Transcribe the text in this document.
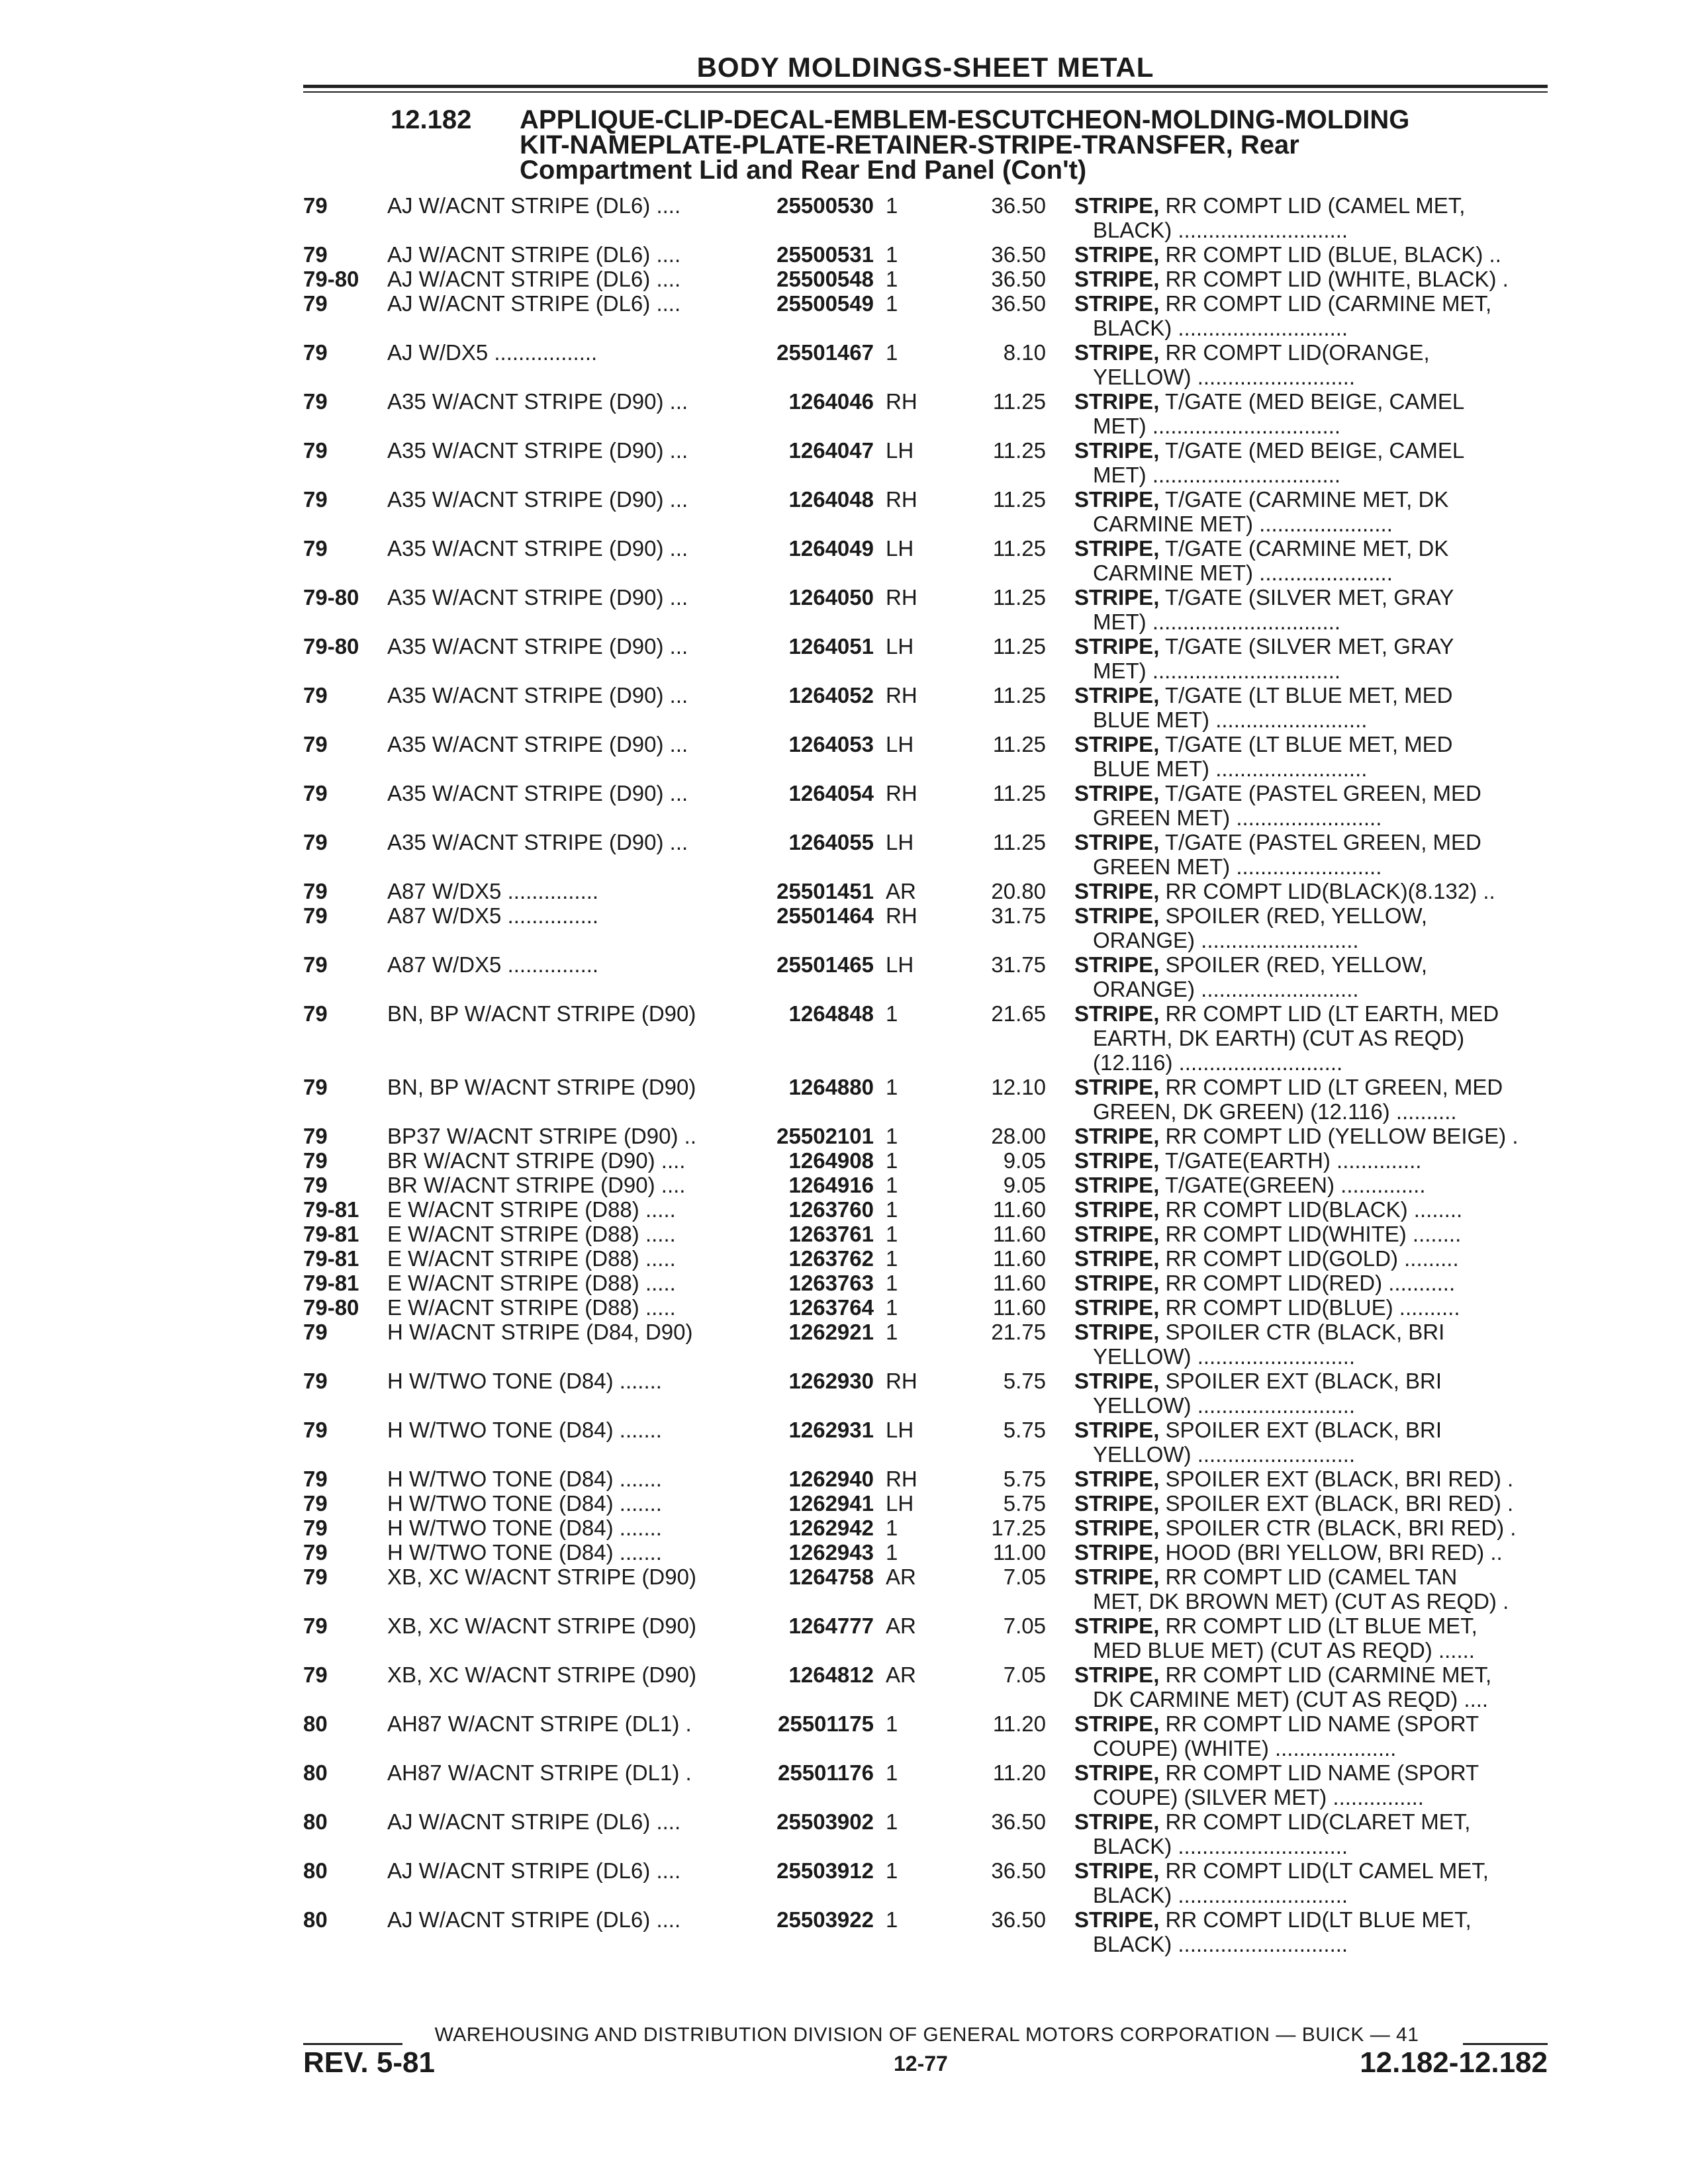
BODY MOLDINGS-SHEET METAL
12.182 APPLIQUE-CLIP-DECAL-EMBLEM-ESCUTCHEON-MOLDING-MOLDING
KIT-NAMEPLATE-PLATE-RETAINER-STRIPE-TRANSFER, Rear
Compartment Lid and Rear End Panel (Con't)
79	AJ W/ACNT STRIPE (DL6) ....	25500530 1	36.50 STRIPE, RR COMPT LID (CAMEL MET,
BLACK) ............................
79	AJ W/ACNT STRIPE (DL6) ....	25500531 1	36.50 STRIPE, RR COMPT LID (BLUE, BLACK) ..
79-80	AJ W/ACNT STRIPE (DL6) ....	25500548 1	36.50 STRIPE, RR COMPT LID (WHITE, BLACK) .
79	AJ W/ACNT STRIPE (DL6) ....	25500549 1	36.50 STRIPE, RR COMPT LID (CARMINE MET,
BLACK) ............................
79	AJ W/DX5 .................	25501467 1	8.10 STRIPE, RR COMPT LID(ORANGE,
YELLOW) ..........................
79	A35 W/ACNT STRIPE (D90) ...	1264046 RH	11.25 STRIPE, T/GATE (MED BEIGE, CAMEL
MET) ...............................
79	A35 W/ACNT STRIPE (D90) ...	1264047 LH	11.25 STRIPE, T/GATE (MED BEIGE, CAMEL
MET) ...............................
79	A35 W/ACNT STRIPE (D90) ...	1264048 RH	11.25 STRIPE, T/GATE (CARMINE MET, DK
CARMINE MET) ......................
79	A35 W/ACNT STRIPE (D90) ...	1264049 LH	11.25 STRIPE, T/GATE (CARMINE MET, DK
CARMINE MET) ......................
79-80	A35 W/ACNT STRIPE (D90) ...	1264050 RH	11.25 STRIPE, T/GATE (SILVER MET, GRAY
MET) ...............................
79-80	A35 W/ACNT STRIPE (D90) ...	1264051 LH	11.25 STRIPE, T/GATE (SILVER MET, GRAY
MET) ...............................
79	A35 W/ACNT STRIPE (D90) ...	1264052 RH	11.25 STRIPE, T/GATE (LT BLUE MET, MED
BLUE MET) .........................
79	A35 W/ACNT STRIPE (D90) ...	1264053 LH	11.25 STRIPE, T/GATE (LT BLUE MET, MED
BLUE MET) .........................
79	A35 W/ACNT STRIPE (D90) ...	1264054 RH	11.25 STRIPE, T/GATE (PASTEL GREEN, MED
GREEN MET) ........................
79	A35 W/ACNT STRIPE (D90) ...	1264055 LH	11.25 STRIPE, T/GATE (PASTEL GREEN, MED
GREEN MET) ........................
79	A87 W/DX5 ...............	25501451 AR	20.80 STRIPE, RR COMPT LID(BLACK)(8.132) ..
79	A87 W/DX5 ...............	25501464 RH	31.75 STRIPE, SPOILER (RED, YELLOW,
ORANGE) ..........................
79	A87 W/DX5 ...............	25501465 LH	31.75 STRIPE, SPOILER (RED, YELLOW,
ORANGE) ..........................
79	BN, BP W/ACNT STRIPE (D90)	1264848 1	21.65 STRIPE, RR COMPT LID (LT EARTH, MED
EARTH, DK EARTH) (CUT AS REQD)
(12.116) ...........................
79	BN, BP W/ACNT STRIPE (D90)	1264880 1	12.10 STRIPE, RR COMPT LID (LT GREEN, MED
GREEN, DK GREEN) (12.116) ..........
79	BP37 W/ACNT STRIPE (D90) ..	25502101 1	28.00 STRIPE, RR COMPT LID (YELLOW BEIGE) .
79	BR W/ACNT STRIPE (D90) ....	1264908 1	9.05 STRIPE, T/GATE(EARTH) ..............
79	BR W/ACNT STRIPE (D90) ....	1264916 1	9.05 STRIPE, T/GATE(GREEN) ..............
79-81	E W/ACNT STRIPE (D88) .....	1263760 1	11.60 STRIPE, RR COMPT LID(BLACK) ........
79-81	E W/ACNT STRIPE (D88) .....	1263761 1	11.60 STRIPE, RR COMPT LID(WHITE) ........
79-81	E W/ACNT STRIPE (D88) .....	1263762 1	11.60 STRIPE, RR COMPT LID(GOLD) .........
79-81	E W/ACNT STRIPE (D88) .....	1263763 1	11.60 STRIPE, RR COMPT LID(RED) ...........
79-80	E W/ACNT STRIPE (D88) .....	1263764 1	11.60 STRIPE, RR COMPT LID(BLUE) ..........
79	H W/ACNT STRIPE (D84, D90)	1262921 1	21.75 STRIPE, SPOILER CTR (BLACK, BRI
YELLOW) ..........................
79	H W/TWO TONE (D84) .......	1262930 RH	5.75 STRIPE, SPOILER EXT (BLACK, BRI
YELLOW) ..........................
79	H W/TWO TONE (D84) .......	1262931 LH	5.75 STRIPE, SPOILER EXT (BLACK, BRI
YELLOW) ..........................
79	H W/TWO TONE (D84) .......	1262940 RH	5.75 STRIPE, SPOILER EXT (BLACK, BRI RED) .
79	H W/TWO TONE (D84) .......	1262941 LH	5.75 STRIPE, SPOILER EXT (BLACK, BRI RED) .
79	H W/TWO TONE (D84) .......	1262942 1	17.25 STRIPE, SPOILER CTR (BLACK, BRI RED) .
79	H W/TWO TONE (D84) .......	1262943 1	11.00 STRIPE, HOOD (BRI YELLOW, BRI RED) ..
79	XB, XC W/ACNT STRIPE (D90)	1264758 AR	7.05 STRIPE, RR COMPT LID (CAMEL TAN
MET, DK BROWN MET) (CUT AS REQD) .
79	XB, XC W/ACNT STRIPE (D90)	1264777 AR	7.05 STRIPE, RR COMPT LID (LT BLUE MET,
MED BLUE MET) (CUT AS REQD) ......
79	XB, XC W/ACNT STRIPE (D90)	1264812 AR	7.05 STRIPE, RR COMPT LID (CARMINE MET,
DK CARMINE MET) (CUT AS REQD) ....
80	AH87 W/ACNT STRIPE (DL1) .	25501175 1	11.20 STRIPE, RR COMPT LID NAME (SPORT
COUPE) (WHITE) ....................
80	AH87 W/ACNT STRIPE (DL1) .	25501176 1	11.20 STRIPE, RR COMPT LID NAME (SPORT
COUPE) (SILVER MET) ...............
80	AJ W/ACNT STRIPE (DL6) ....	25503902 1	36.50 STRIPE, RR COMPT LID(CLARET MET,
BLACK) ............................
80	AJ W/ACNT STRIPE (DL6) ....	25503912 1	36.50 STRIPE, RR COMPT LID(LT CAMEL MET,
BLACK) ............................
80	AJ W/ACNT STRIPE (DL6) ....	25503922 1	36.50 STRIPE, RR COMPT LID(LT BLUE MET,
BLACK) ............................
WAREHOUSING AND DISTRIBUTION DIVISION OF GENERAL MOTORS CORPORATION — BUICK — 41
REV. 5-81	12-77	12.182-12.182
